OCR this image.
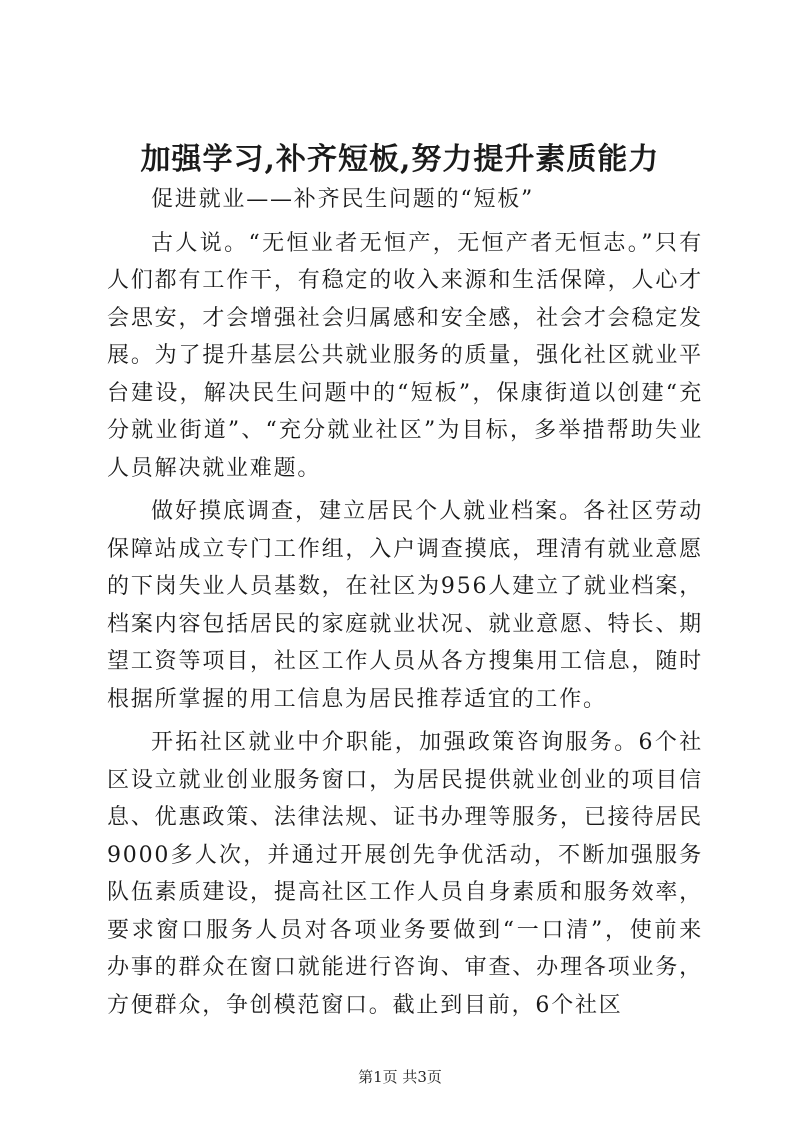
加强学习,补齐短板,努力提升素质能力

促进就业——补齐民生问题的“短板”

古人说。“无恒业者无恒产，无恒产者无恒志。”只有人们都有工作干，有稳定的收入来源和生活保障，人心才会思安，才会增强社会归属感和安全感，社会才会稳定发展。为了提升基层公共就业服务的质量，强化社区就业平台建设，解决民生问题中的“短板”，保康街道以创建“充分就业街道”、“充分就业社区”为目标，多举措帮助失业人员解决就业难题。

做好摸底调查，建立居民个人就业档案。各社区劳动保障站成立专门工作组，入户调查摸底，理清有就业意愿的下岗失业人员基数，在社区为956人建立了就业档案，档案内容包括居民的家庭就业状况、就业意愿、特长、期望工资等项目，社区工作人员从各方搜集用工信息，随时根据所掌握的用工信息为居民推荐适宜的工作。

开拓社区就业中介职能，加强政策咨询服务。6个社区设立就业创业服务窗口，为居民提供就业创业的项目信息、优惠政策、法律法规、证书办理等服务，已接待居民9000多人次，并通过开展创先争优活动，不断加强服务队伍素质建设，提高社区工作人员自身素质和服务效率，要求窗口服务人员对各项业务要做到“一口清”，使前来办事的群众在窗口就能进行咨询、审查、办理各项业务，方便群众，争创模范窗口。截止到目前，6个社区

第1页 共3页
